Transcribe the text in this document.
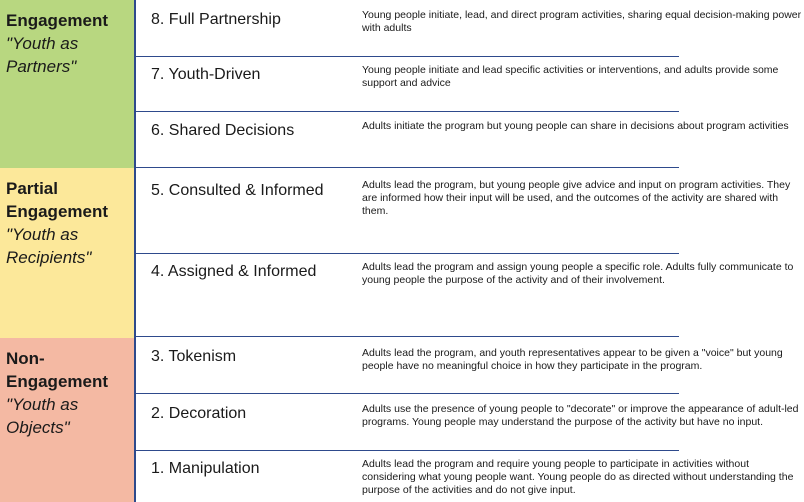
Engagement
"Youth as Partners"
Partial Engagement
"Youth as Recipients"
Non-Engagement
"Youth as Objects"
8. Full Partnership	Young people initiate, lead, and direct program activities, sharing equal decision-making power with adults
7. Youth-Driven	Young people initiate and lead specific activities or interventions, and adults provide some support and advice
6. Shared Decisions	Adults initiate the program but young people can share in decisions about program activities
5. Consulted & Informed	Adults lead the program, but young people give advice and input on program activities. They are informed how their input will be used, and the outcomes of the activity are shared with them.
4. Assigned & Informed	Adults lead the program and assign young people a specific role. Adults fully communicate to young people the purpose of the activity and of their involvement.
3. Tokenism	Adults lead the program, and youth representatives appear to be given a "voice" but young people have no meaningful choice in how they participate in the program.
2. Decoration	Adults use the presence of young people to "decorate" or improve the appearance of adult-led programs. Young people may understand the purpose of the activity but have no input.
1. Manipulation	Adults lead the program and require young people to participate in activities without considering what young people want. Young people do as directed without understanding the purpose of the activities and do not give input.
